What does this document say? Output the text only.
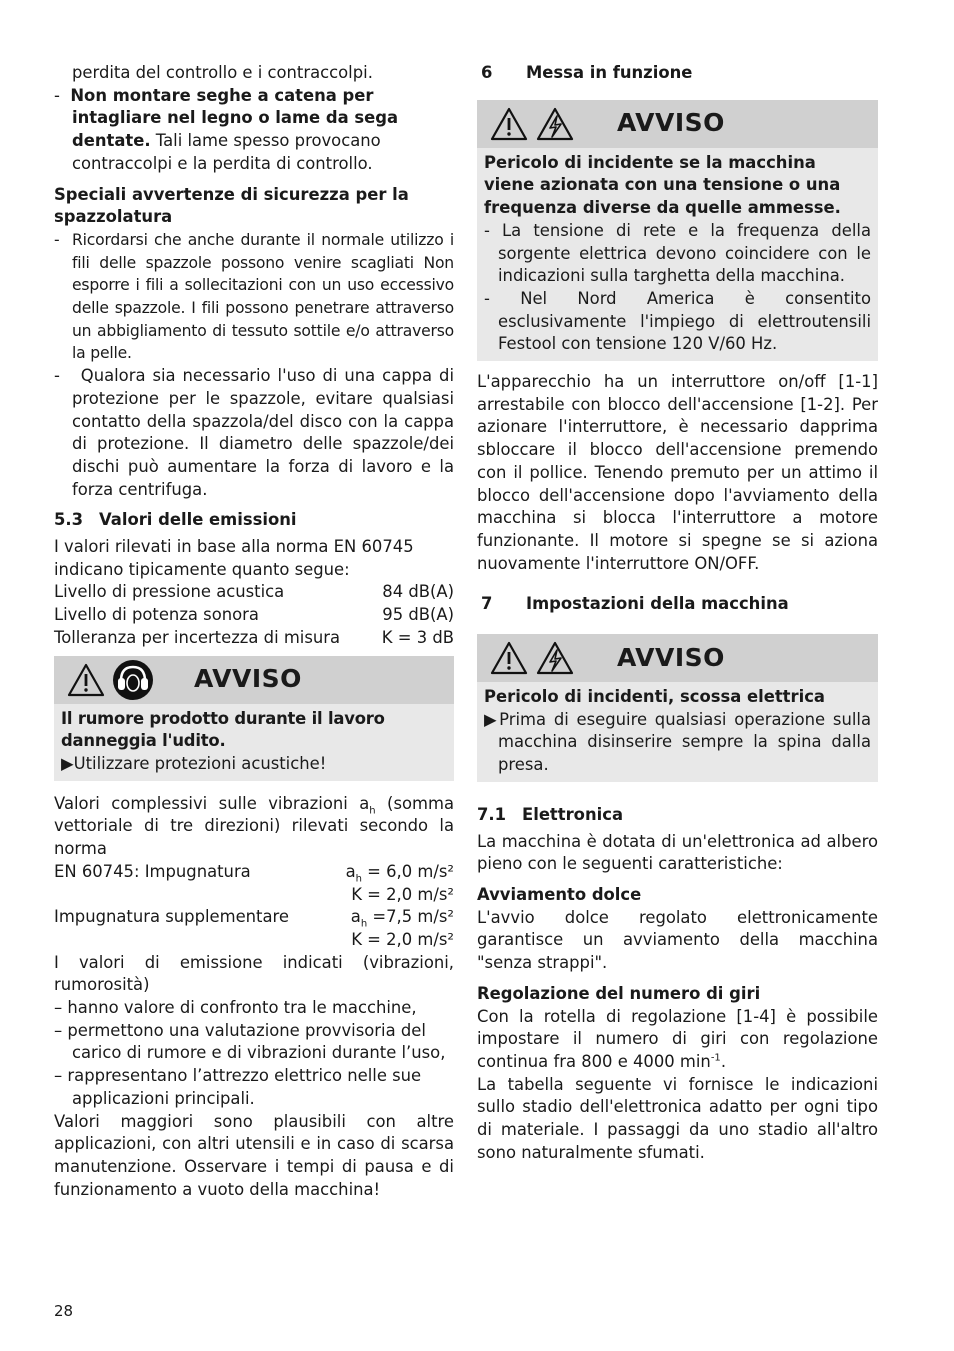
perdita del controllo e i contraccolpi.

-  Non montare seghe a catena per intagliare nel legno o lame da sega dentate. Tali lame spesso provocano contraccolpi e la perdita di controllo.

Speciali avvertenze di sicurezza per la spazzolatura

-  Ricordarsi che anche durante il normale utilizzo i fili delle spazzole possono venire scagliati Non esporre i fili a sollecitazioni con un uso eccessivo delle spazzole. I fili possono penetrare attraverso un abbigliamento di tessuto sottile e/o attraverso la pelle.

-   Qualora sia necessario l'uso di una cappa di protezione per le spazzole, evitare qualsiasi contatto della spazzola/del disco con la cappa di protezione. Il diametro delle spazzole/dei dischi può aumentare la forza di lavoro e la forza centrifuga.

5.3 Valori delle emissioni

I valori rilevati in base alla norma EN 60745 indicano tipicamente quanto segue:

Livello di pressione acustica	84 dB(A)
Livello di potenza sonora	95 dB(A)
Tolleranza per incertezza di misura	K = 3 dB
AVVISO

Il rumore prodotto durante il lavoro danneggia l'udito.

▶Utilizzare protezioni acustiche!

Valori complessivi sulle vibrazioni $a_h$ (somma vettoriale di tre direzioni) rilevati secondo la norma

EN 60745: Impugnatura	$a_h = 6,0$ m/s²

K = 2,0 m/s²

Impugnatura supplementare	$a_h =7,5$ m/s²

K = 2,0 m/s²

I valori di emissione indicati (vibrazioni, rumorosità)

– hanno valore di confronto tra le macchine,

– permettono una valutazione provvisoria del carico di rumore e di vibrazioni durante l’uso,

– rappresentano l’attrezzo elettrico nelle sue applicazioni principali.

Valori maggiori sono plausibili con altre applicazioni, con altri utensili e in caso di scarsa manutenzione. Osservare i tempi di pausa e di funzionamento a vuoto della macchina!

6 Messa in funzione

AVVISO

Pericolo di incidente se la macchina viene azionata con una tensione o una frequenza diverse da quelle ammesse.

- La tensione di rete e la frequenza della sorgente elettrica devono coincidere con le indicazioni sulla targhetta della macchina.

- Nel Nord America è consentito esclusivamente l'impiego di elettroutensili Festool con tensione 120 V/60 Hz.

L'apparecchio ha un interruttore on/off [1-1] arrestabile con blocco dell'accensione [1-2]. Per azionare l'interruttore, è necessario dapprima sbloccare il blocco dell'accensione premendo con il pollice. Tenendo premuto per un attimo il blocco dell'accensione dopo l'avviamento della macchina si blocca l'interruttore a motore funzionante. Il motore si spegne se si aziona nuovamente l'interruttore ON/OFF.

7 Impostazioni della macchina

AVVISO

Pericolo di incidenti, scossa elettrica

▶Prima di eseguire qualsiasi operazione sulla macchina disinserire sempre la spina dalla presa.

7.1 Elettronica

La macchina è dotata di un'elettronica ad albero pieno con le seguenti caratteristiche:

Avviamento dolce

L'avvio dolce regolato elettronicamente garantisce un avviamento della macchina "senza strappi".

Regolazione del numero di giri

Con la rotella di regolazione [1-4] è possibile impostare il numero di giri con regolazione continua fra 800 e 4000 $\min^{-1}$.

La tabella seguente vi fornisce le indicazioni sullo stadio dell'elettronica adatto per ogni tipo di materiale. I passaggi da uno stadio all'altro sono naturalmente sfumati.

28
